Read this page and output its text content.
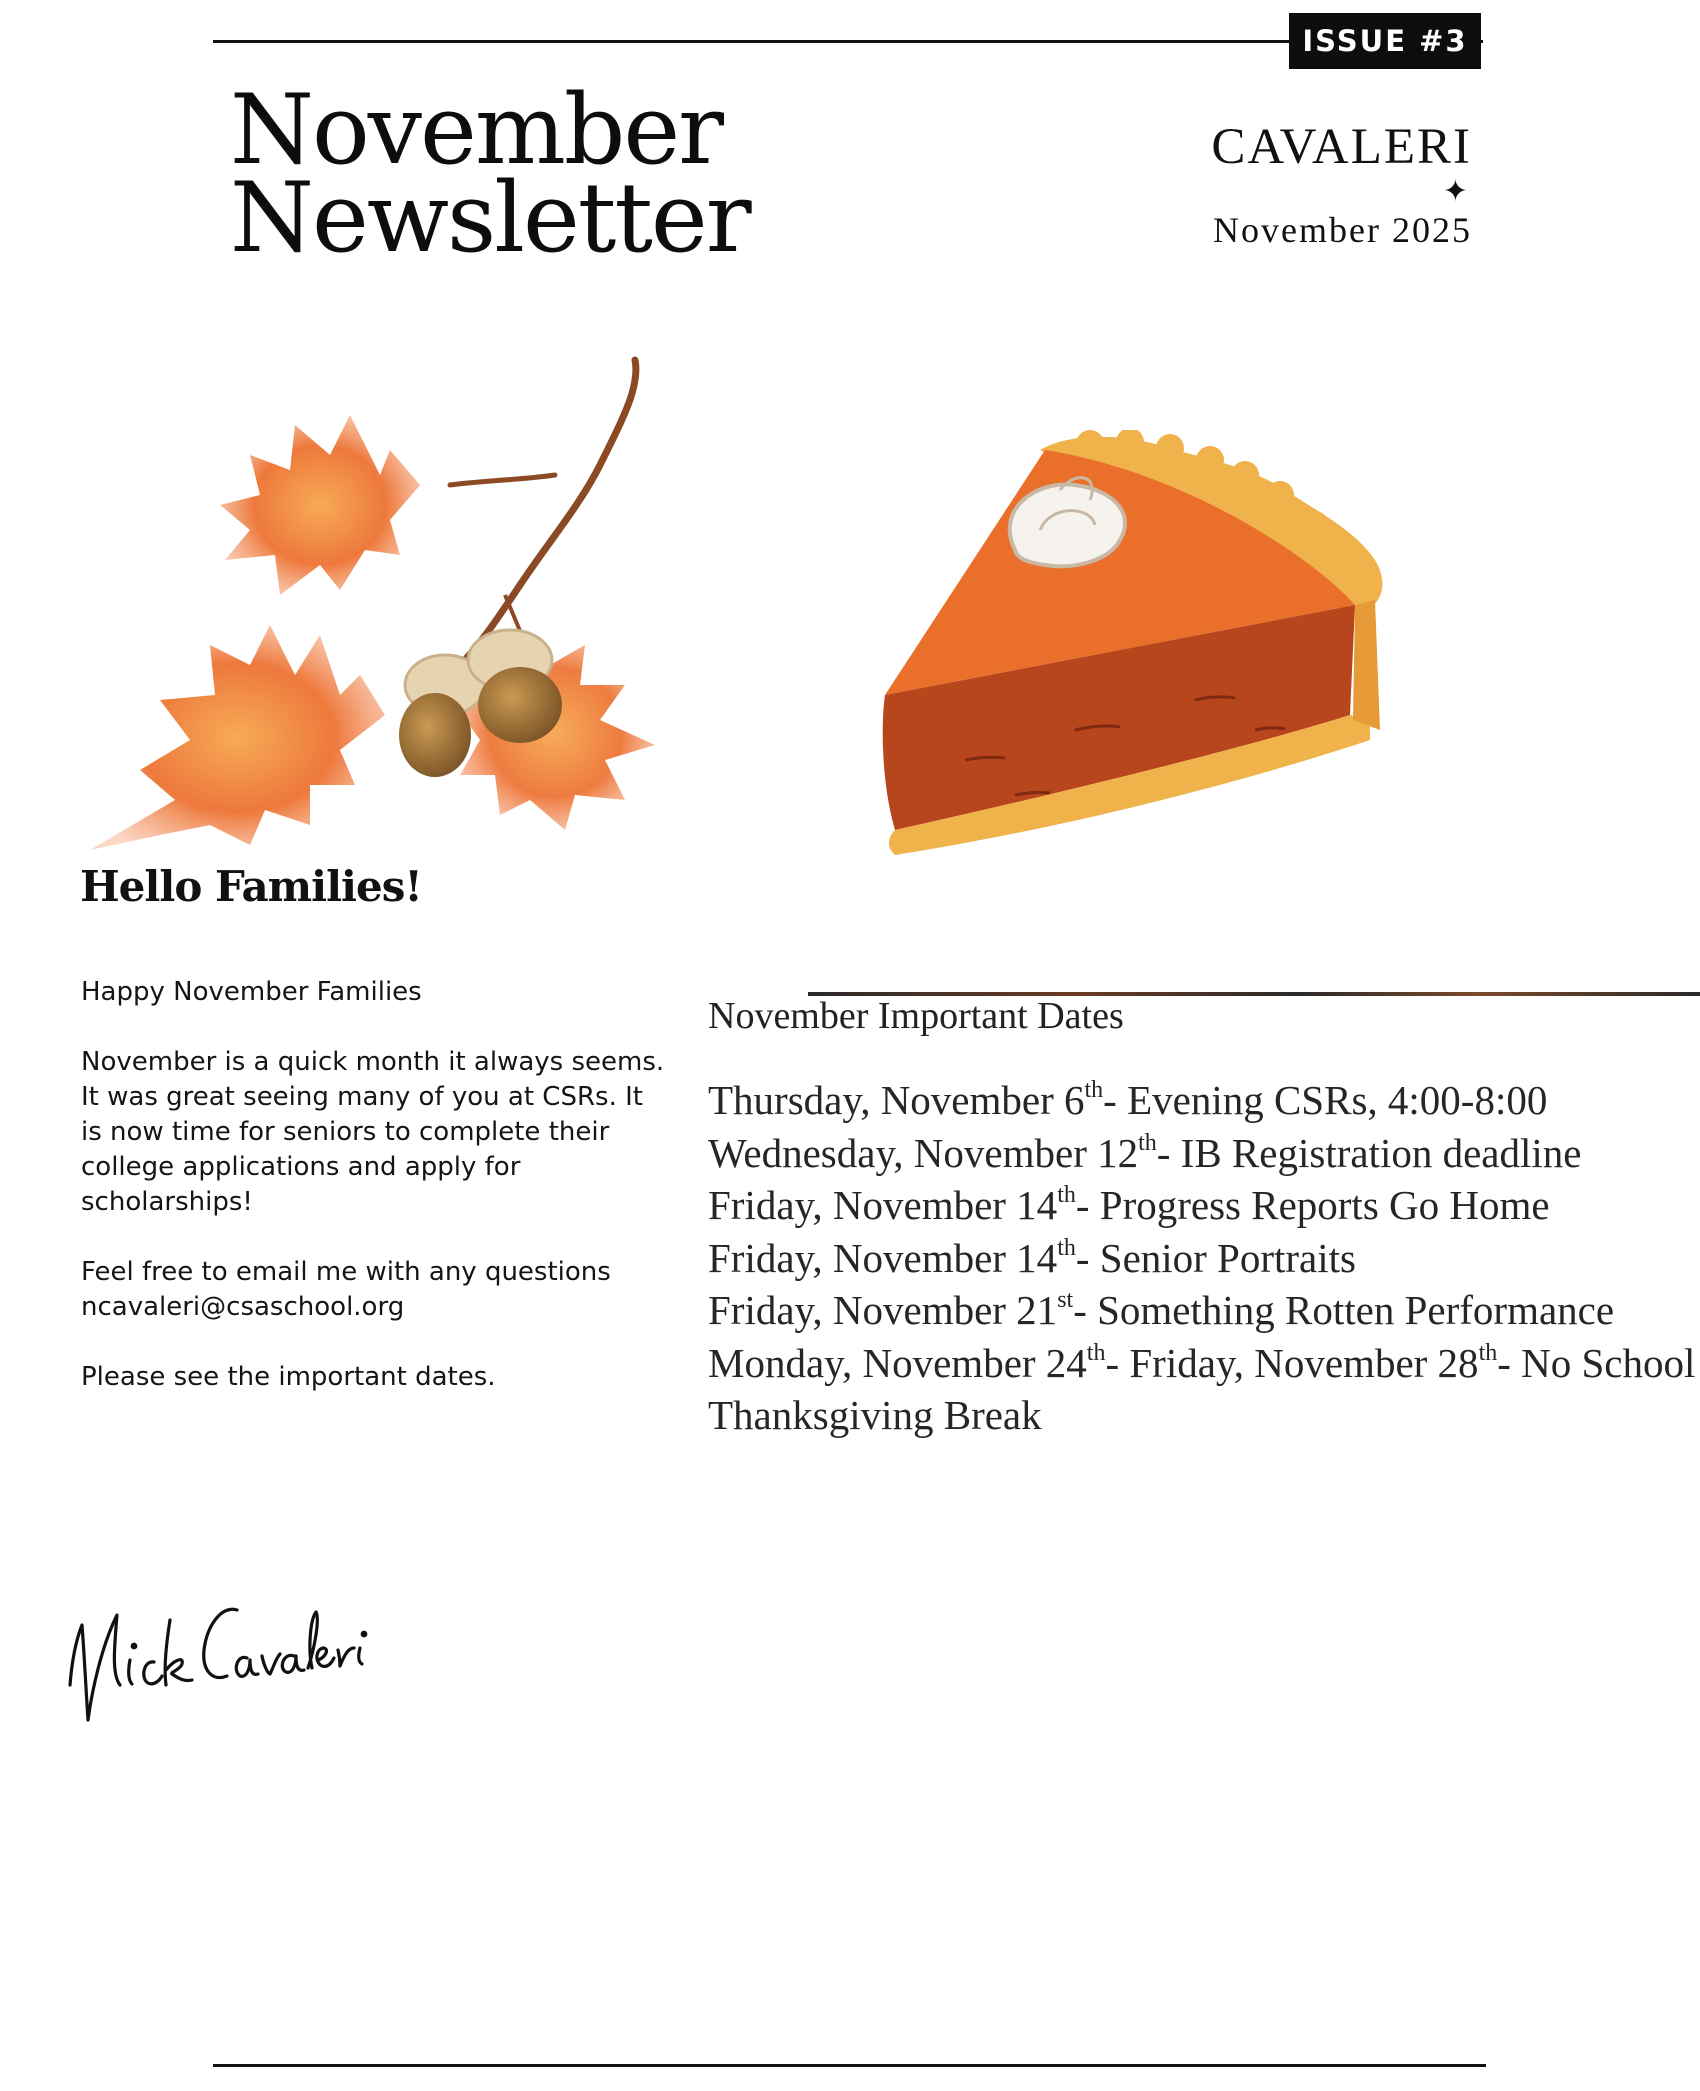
ISSUE #3
November
Newsletter
CAVALERI
✦
November 2025
Hello Families!

Happy November Families

November is a quick month it always seems. It was great seeing many of you at CSRs. It is now time for seniors to complete their college applications and apply for scholarships!

Feel free to email me with any questions ncavaleri@csaschool.org

Please see the important dates.

November Important Dates
Thursday, November 6th- Evening CSRs, 4:00-8:00
Wednesday, November 12th- IB Registration deadline
Friday, November 14th- Progress Reports Go Home
Friday, November 14th- Senior Portraits
Friday, November 21st- Something Rotten Performance
Monday, November 24th- Friday, November 28th- No School
Thanksgiving Break
